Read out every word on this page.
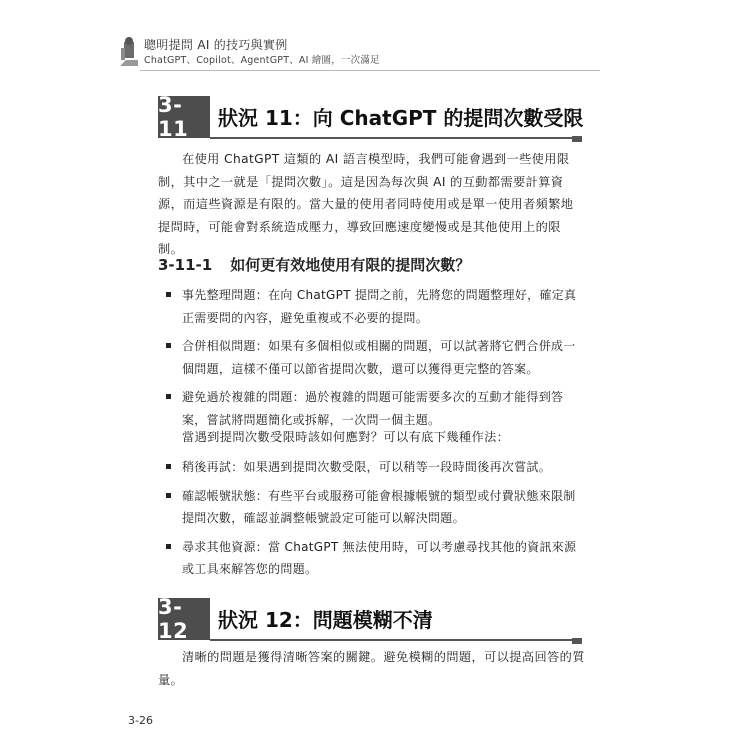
聰明提問 AI 的技巧與實例
ChatGPT、Copilot、AgentGPT、AI 繪圖，一次滿足
3-11	狀況 11：向 ChatGPT 的提問次數受限

在使用 ChatGPT 這類的 AI 語言模型時，我們可能會遇到一些使用限制，其中之一就是「提問次數」。這是因為每次與 AI 的互動都需要計算資源，而這些資源是有限的。當大量的使用者同時使用或是單一使用者頻繁地提問時，可能會對系統造成壓力，導致回應速度變慢或是其他使用上的限制。

3-11-1 如何更有效地使用有限的提問次數？
事先整理問題：在向 ChatGPT 提問之前，先將您的問題整理好，確定真正需要問的內容，避免重複或不必要的提問。
合併相似問題：如果有多個相似或相關的問題，可以試著將它們合併成一個問題，這樣不僅可以節省提問次數，還可以獲得更完整的答案。
避免過於複雜的問題：過於複雜的問題可能需要多次的互動才能得到答案，嘗試將問題簡化或拆解，一次問一個主題。

當遇到提問次數受限時該如何應對？可以有底下幾種作法：

稍後再試：如果遇到提問次數受限，可以稍等一段時間後再次嘗試。
確認帳號狀態：有些平台或服務可能會根據帳號的類型或付費狀態來限制提問次數，確認並調整帳號設定可能可以解決問題。
尋求其他資源：當 ChatGPT 無法使用時，可以考慮尋找其他的資訊來源或工具來解答您的問題。
3-12	狀況 12：問題模糊不清

清晰的問題是獲得清晰答案的關鍵。避免模糊的問題，可以提高回答的質量。

3-26
